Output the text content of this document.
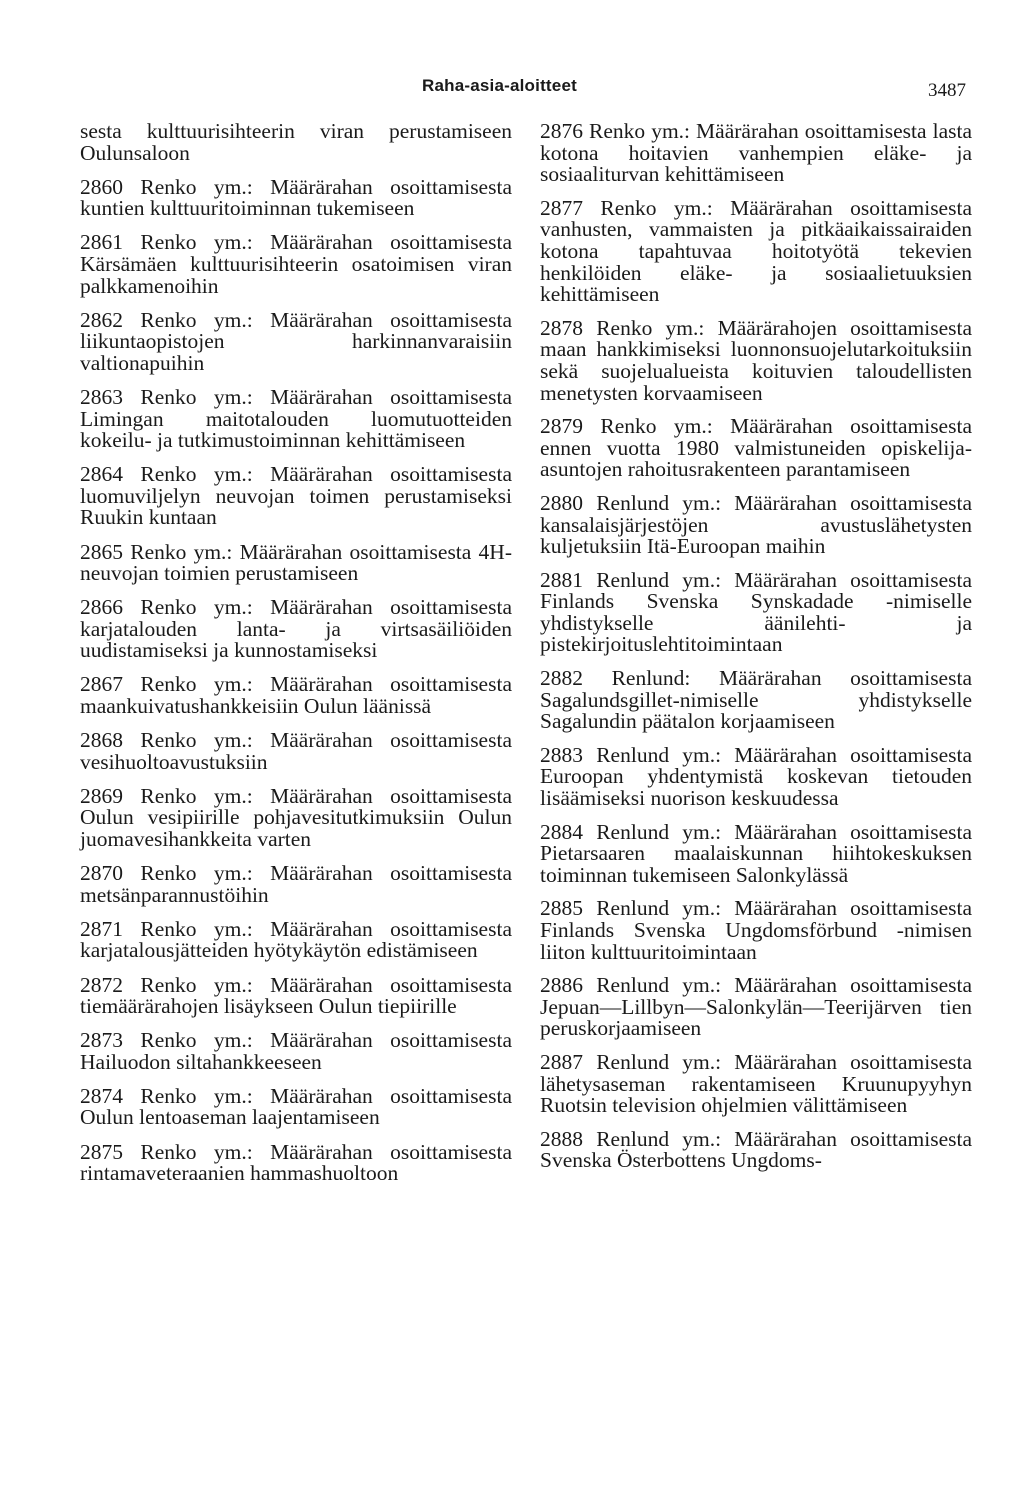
Raha-asia-aloitteet	3487

sesta kulttuurisihteerin viran perustamiseen Oulunsaloon

2860 Renko ym.: Määrärahan osoittamisesta kuntien kulttuuritoiminnan tukemiseen

2861 Renko ym.: Määrärahan osoittamisesta Kärsämäen kulttuurisihteerin osatoimisen viran palkkamenoihin

2862 Renko ym.: Määrärahan osoittamisesta liikuntaopistojen harkinnanvaraisiin valtionapuihin

2863 Renko ym.: Määrärahan osoittamisesta Limingan maitotalouden luomutuotteiden kokeilu- ja tutkimustoiminnan kehittämiseen

2864 Renko ym.: Määrärahan osoittamisesta luomuviljelyn neuvojan toimen perustamiseksi Ruukin kuntaan

2865 Renko ym.: Määrärahan osoittamisesta 4H-neuvojan toimien perustamiseen

2866 Renko ym.: Määrärahan osoittamisesta karjatalouden lanta- ja virtsasäiliöiden uudistamiseksi ja kunnostamiseksi

2867 Renko ym.: Määrärahan osoittamisesta maankuivatushankkeisiin Oulun läänissä

2868 Renko ym.: Määrärahan osoittamisesta vesihuoltoavustuksiin

2869 Renko ym.: Määrärahan osoittamisesta Oulun vesipiirille pohjavesitutkimuksiin Oulun juomavesihankkeita varten

2870 Renko ym.: Määrärahan osoittamisesta metsänparannustöihin

2871 Renko ym.: Määrärahan osoittamisesta karjatalousjätteiden hyötykäytön edistämiseen

2872 Renko ym.: Määrärahan osoittamisesta tiemäärärahojen lisäykseen Oulun tiepiirille

2873 Renko ym.: Määrärahan osoittamisesta Hailuodon siltahankkeeseen

2874 Renko ym.: Määrärahan osoittamisesta Oulun lentoaseman laajentamiseen

2875 Renko ym.: Määrärahan osoittamisesta rintamaveteraanien hammashuoltoon

2876 Renko ym.: Määrärahan osoittamisesta lasta kotona hoitavien vanhempien eläke- ja sosiaaliturvan kehittämiseen

2877 Renko ym.: Määrärahan osoittamisesta vanhusten, vammaisten ja pitkäaikaissairaiden kotona tapahtuvaa hoitotyötä tekevien henkilöiden eläke- ja sosiaalietuuksien kehittämiseen

2878 Renko ym.: Määrärahojen osoittamisesta maan hankkimiseksi luonnonsuojelutarkoituksiin sekä suojelualueista koituvien taloudellisten menetysten korvaamiseen

2879 Renko ym.: Määrärahan osoittamisesta ennen vuotta 1980 valmistuneiden opiskelija-asuntojen rahoitusrakenteen parantamiseen

2880 Renlund ym.: Määrärahan osoittamisesta kansalaisjärjestöjen avustuslähetysten kuljetuksiin Itä-Euroopan maihin

2881 Renlund ym.: Määrärahan osoittamisesta Finlands Svenska Synskadade -nimiselle yhdistykselle äänilehti- ja pistekirjoituslehtitoimintaan

2882 Renlund: Määrärahan osoittamisesta Sagalundsgillet-nimiselle yhdistykselle Sagalundin päätalon korjaamiseen

2883 Renlund ym.: Määrärahan osoittamisesta Euroopan yhdentymistä koskevan tietouden lisäämiseksi nuorison keskuudessa

2884 Renlund ym.: Määrärahan osoittamisesta Pietarsaaren maalaiskunnan hiihtokeskuksen toiminnan tukemiseen Salonkylässä

2885 Renlund ym.: Määrärahan osoittamisesta Finlands Svenska Ungdomsförbund -nimisen liiton kulttuuritoimintaan

2886 Renlund ym.: Määrärahan osoittamisesta Jepuan—Lillbyn—Salonkylän—Teerijärven tien peruskorjaamiseen

2887 Renlund ym.: Määrärahan osoittamisesta lähetysaseman rakentamiseen Kruunupyyhyn Ruotsin television ohjelmien välittämiseen

2888 Renlund ym.: Määrärahan osoittamisesta Svenska Österbottens Ungdoms-
